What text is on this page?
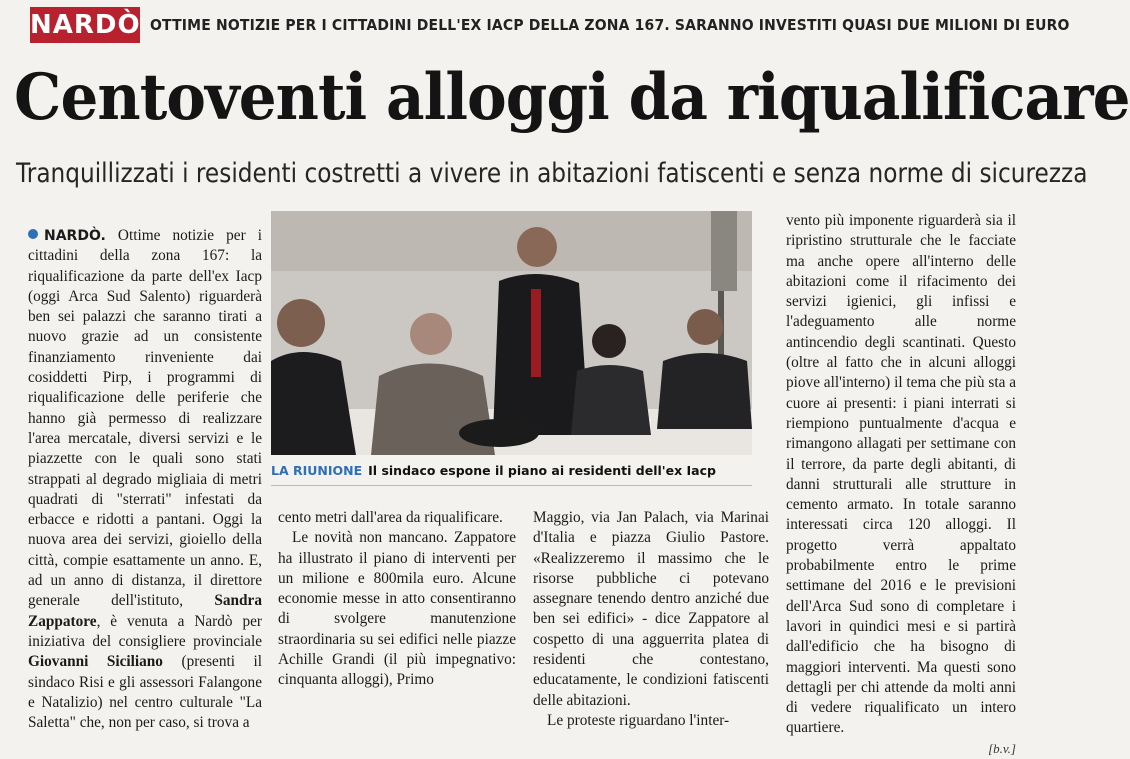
NARDÒ OTTIME NOTIZIE PER I CITTADINI DELL'EX IACP DELLA ZONA 167. SARANNO INVESTITI QUASI DUE MILIONI DI EURO
Centoventi alloggi da riqualificare
Tranquillizzati i residenti costretti a vivere in abitazioni fatiscenti e senza norme di sicurezza

NARDÒ. Ottime notizie per i cittadini della zona 167: la riqualificazione da parte dell'ex Iacp (oggi Arca Sud Salento) riguarderà ben sei palazzi che saranno tirati a nuovo grazie ad un consistente finanziamento rinveniente dai cosiddetti Pirp, i programmi di riqualificazione delle periferie che hanno già permesso di realizzare l'area mercatale, diversi servizi e le piazzette con le quali sono stati strappati al degrado migliaia di metri quadrati di "sterrati" infestati da erbacce e ridotti a pantani. Oggi la nuova area dei servizi, gioiello della città, compie esattamente un anno. E, ad un anno di distanza, il direttore generale dell'istituto, Sandra Zappatore, è venuta a Nardò per iniziativa del consigliere provinciale Giovanni Siciliano (presenti il sindaco Risi e gli assessori Falangone e Natalizio) nel centro culturale "La Saletta" che, non per caso, si trova a

LA RIUNIONE Il sindaco espone il piano ai residenti dell'ex Iacp

cento metri dall'area da riqualificare.

Le novità non mancano. Zappatore ha illustrato il piano di interventi per un milione e 800mila euro. Alcune economie messe in atto consentiranno di svolgere manutenzione straordinaria su sei edifici nelle piazze Achille Grandi (il più impegnativo: cinquanta alloggi), Primo

Maggio, via Jan Palach, via Marinai d'Italia e piazza Giulio Pastore. «Realizzeremo il massimo che le risorse pubbliche ci potevano assegnare tenendo dentro anziché due ben sei edifici» - dice Zappatore al cospetto di una agguerrita platea di residenti che contestano, educatamente, le condizioni fatiscenti delle abitazioni.

Le proteste riguardano l'inter-

vento più imponente riguarderà sia il ripristino strutturale che le facciate ma anche opere all'interno delle abitazioni come il rifacimento dei servizi igienici, gli infissi e l'adeguamento alle norme antincendio degli scantinati. Questo (oltre al fatto che in alcuni alloggi piove all'interno) il tema che più sta a cuore ai presenti: i piani interrati si riempiono puntualmente d'acqua e rimangono allagati per settimane con il terrore, da parte degli abitanti, di danni strutturali alle strutture in cemento armato. In totale saranno interessati circa 120 alloggi. Il progetto verrà appaltato probabilmente entro le prime settimane del 2016 e le previsioni dell'Arca Sud sono di completare i lavori in quindici mesi e si partirà dall'edificio che ha bisogno di maggiori interventi. Ma questi sono dettagli per chi attende da molti anni di vedere riqualificato un intero quartiere.

[b.v.]
